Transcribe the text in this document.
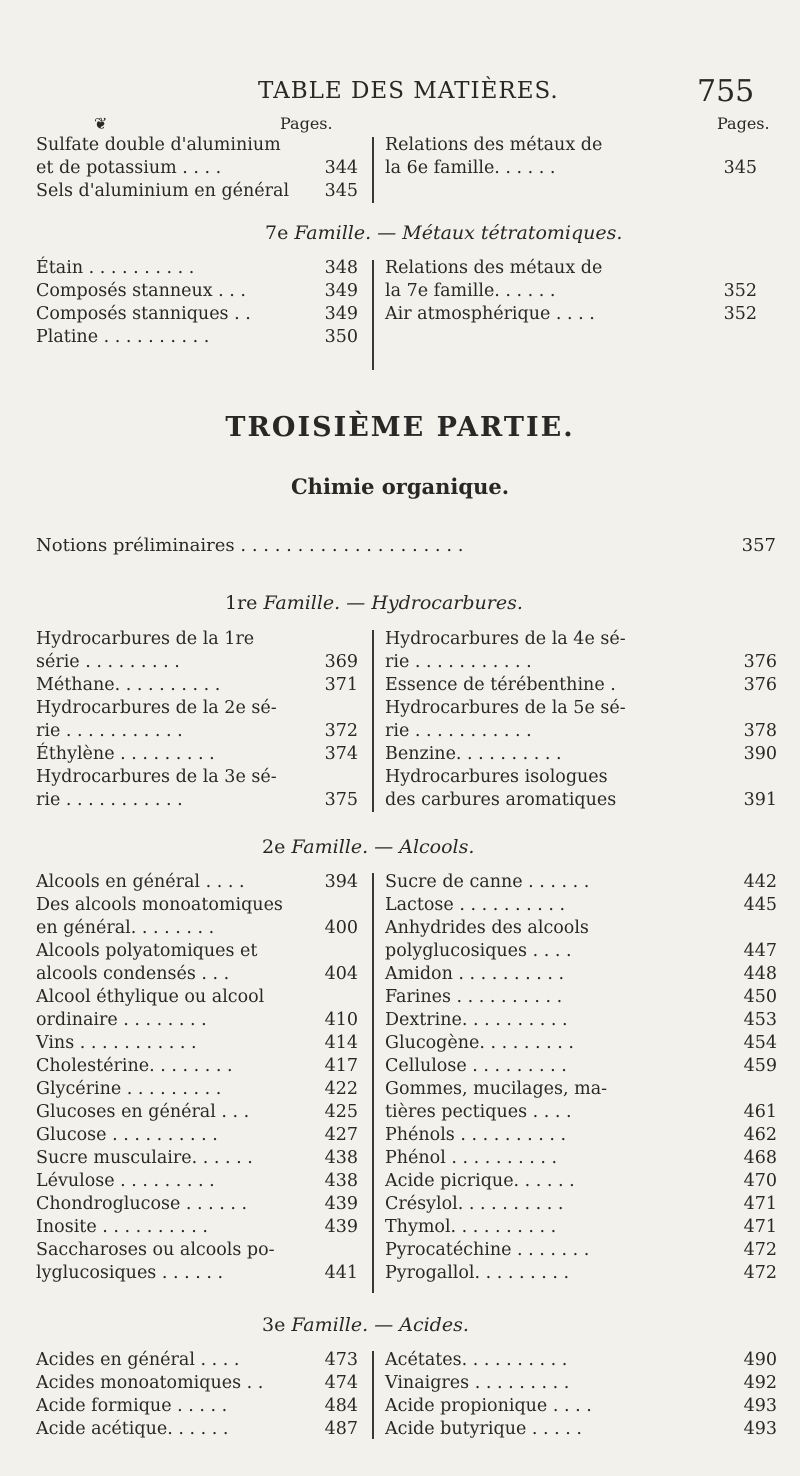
TABLE DES MATIÈRES.	755
❦	Pages.	Pages.
Sulfate double d'aluminium
et de potassium . . . .	344
Sels d'aluminium en général 345
Relations des métaux de
la 6e famille. . . . . .	345
7e Famille. — Métaux tétratomiques.
Étain . . . . . . . . . .	348
Composés stanneux . . .	349
Composés stanniques . .	349
Platine . . . . . . . . . .	350
Relations des métaux de
la 7e famille. . . . . .	352
Air atmosphérique . . . .	352
TROISIÈME PARTIE.
Chimie organique.
Notions préliminaires . . . . . . . . . . . . . . . . . . . .	357
1re Famille. — Hydrocarbures.
Hydrocarbures de la 1re
série . . . . . . . . .	369
Méthane. . . . . . . . . .	371
Hydrocarbures de la 2e sé-
rie . . . . . . . . . . .	372
Éthylène . . . . . . . . .	374
Hydrocarbures de la 3e sé-
rie . . . . . . . . . . .	375
Hydrocarbures de la 4e sé-
rie . . . . . . . . . . .	376
Essence de térébenthine .	376
Hydrocarbures de la 5e sé-
rie . . . . . . . . . . .	378
Benzine. . . . . . . . . .	390
Hydrocarbures isologues
des carbures aromatiques	391
2e Famille. — Alcools.
Alcools en général . . . .	394
Des alcools monoatomiques
en général. . . . . . . .	400
Alcools polyatomiques et
alcools condensés . . .	404
Alcool éthylique ou alcool
ordinaire . . . . . . . .	410
Vins . . . . . . . . . . .	414
Cholestérine. . . . . . . .	417
Glycérine . . . . . . . . .	422
Glucoses en général . . .	425
Glucose . . . . . . . . . .	427
Sucre musculaire. . . . . .	438
Lévulose . . . . . . . . .	438
Chondroglucose . . . . . .	439
Inosite . . . . . . . . . .	439
Saccharoses ou alcools po-
lyglucosiques . . . . . .	441
Sucre de canne . . . . . .	442
Lactose . . . . . . . . . .	445
Anhydrides des alcools
polyglucosiques . . . .	447
Amidon . . . . . . . . . .	448
Farines . . . . . . . . . .	450
Dextrine. . . . . . . . . .	453
Glucogène. . . . . . . . .	454
Cellulose . . . . . . . . .	459
Gommes, mucilages, ma-
tières pectiques . . . .	461
Phénols . . . . . . . . . .	462
Phénol . . . . . . . . . .	468
Acide picrique. . . . . .	470
Crésylol. . . . . . . . . .	471
Thymol. . . . . . . . . .	471
Pyrocatéchine . . . . . . .	472
Pyrogallol. . . . . . . . .	472
3e Famille. — Acides.
Acides en général . . . .	473
Acides monoatomiques . .	474
Acide formique . . . . .	484
Acide acétique. . . . . .	487
Acétates. . . . . . . . . .	490
Vinaigres . . . . . . . . .	492
Acide propionique . . . .	493
Acide butyrique . . . . .	493
